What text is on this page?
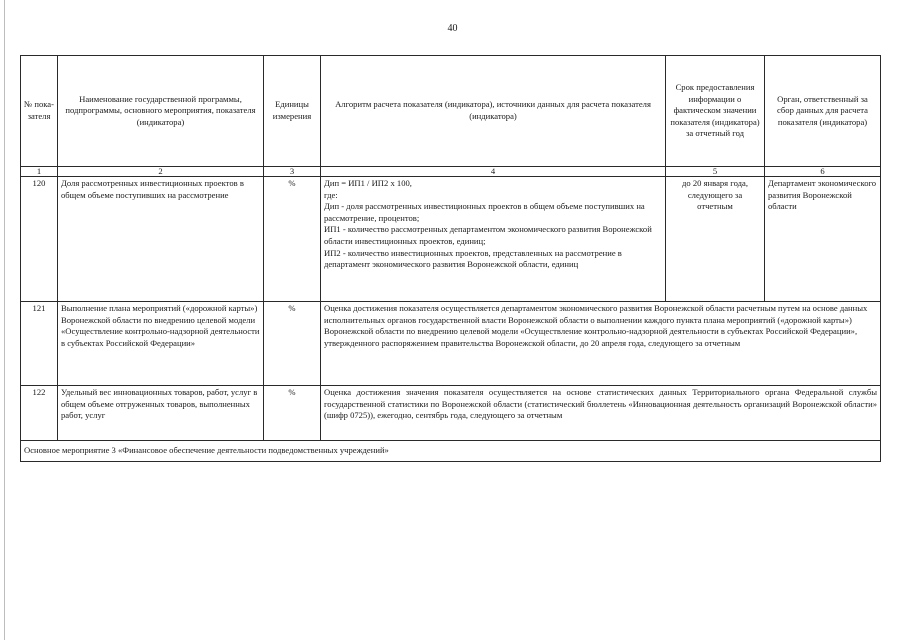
40
№ пока-зателя	Наименование государственной программы, подпрограммы, основного мероприятия, показателя (индикатора)	Единицы измерения	Алгоритм расчета показателя (индикатора), источники данных для расчета показателя (индикатора)	Срок предоставления информации о фактическом значении показателя (индикатора) за отчетный год	Орган, ответственный за сбор данных для расчета показателя (индикатора)
1	2	3	4	5	6
120	Доля рассмотренных инвестиционных проектов в общем объеме поступивших на рассмотрение	%	Дип = ИП1 / ИП2 х 100,
где:
Дип - доля рассмотренных инвестиционных проектов в общем объеме поступивших на рассмотрение, процентов;
ИП1 - количество рассмотренных департаментом экономического развития Воронежской области инвестиционных проектов, единиц;
ИП2 - количество инвестиционных проектов, представленных на рассмотрение в департамент экономического развития Воронежской области, единиц	до 20 января года, следующего за отчетным	Департамент экономического развития Воронежской области
121	Выполнение плана мероприятий («дорожной карты») Воронежской области по внедрению целевой модели «Осуществление контрольно-надзорной деятельности в субъектах Российской Федерации»	%	Оценка достижения показателя осуществляется департаментом экономического развития Воронежской области расчетным путем на основе данных исполнительных органов государственной власти Воронежской области о выполнении каждого пункта плана мероприятий («дорожной карты») Воронежской области по внедрению целевой модели «Осуществление контрольно-надзорной деятельности в субъектах Российской Федерации», утвержденного распоряжением правительства Воронежской области, до 20 апреля года, следующего за отчетным		
122	Удельный вес инновационных товаров, работ, услуг в общем объеме отгруженных товаров, выполненных работ, услуг	%	Оценка достижения значения показателя осуществляется на основе статистических данных Территориального органа Федеральной службы государственной статистики по Воронежской области (статистический бюллетень «Инновационная деятельность организаций Воронежской области» (шифр 0725)), ежегодно, сентябрь года, следующего за отчетным		
Основное мероприятие 3 «Финансовое обеспечение деятельности подведомственных учреждений»					
